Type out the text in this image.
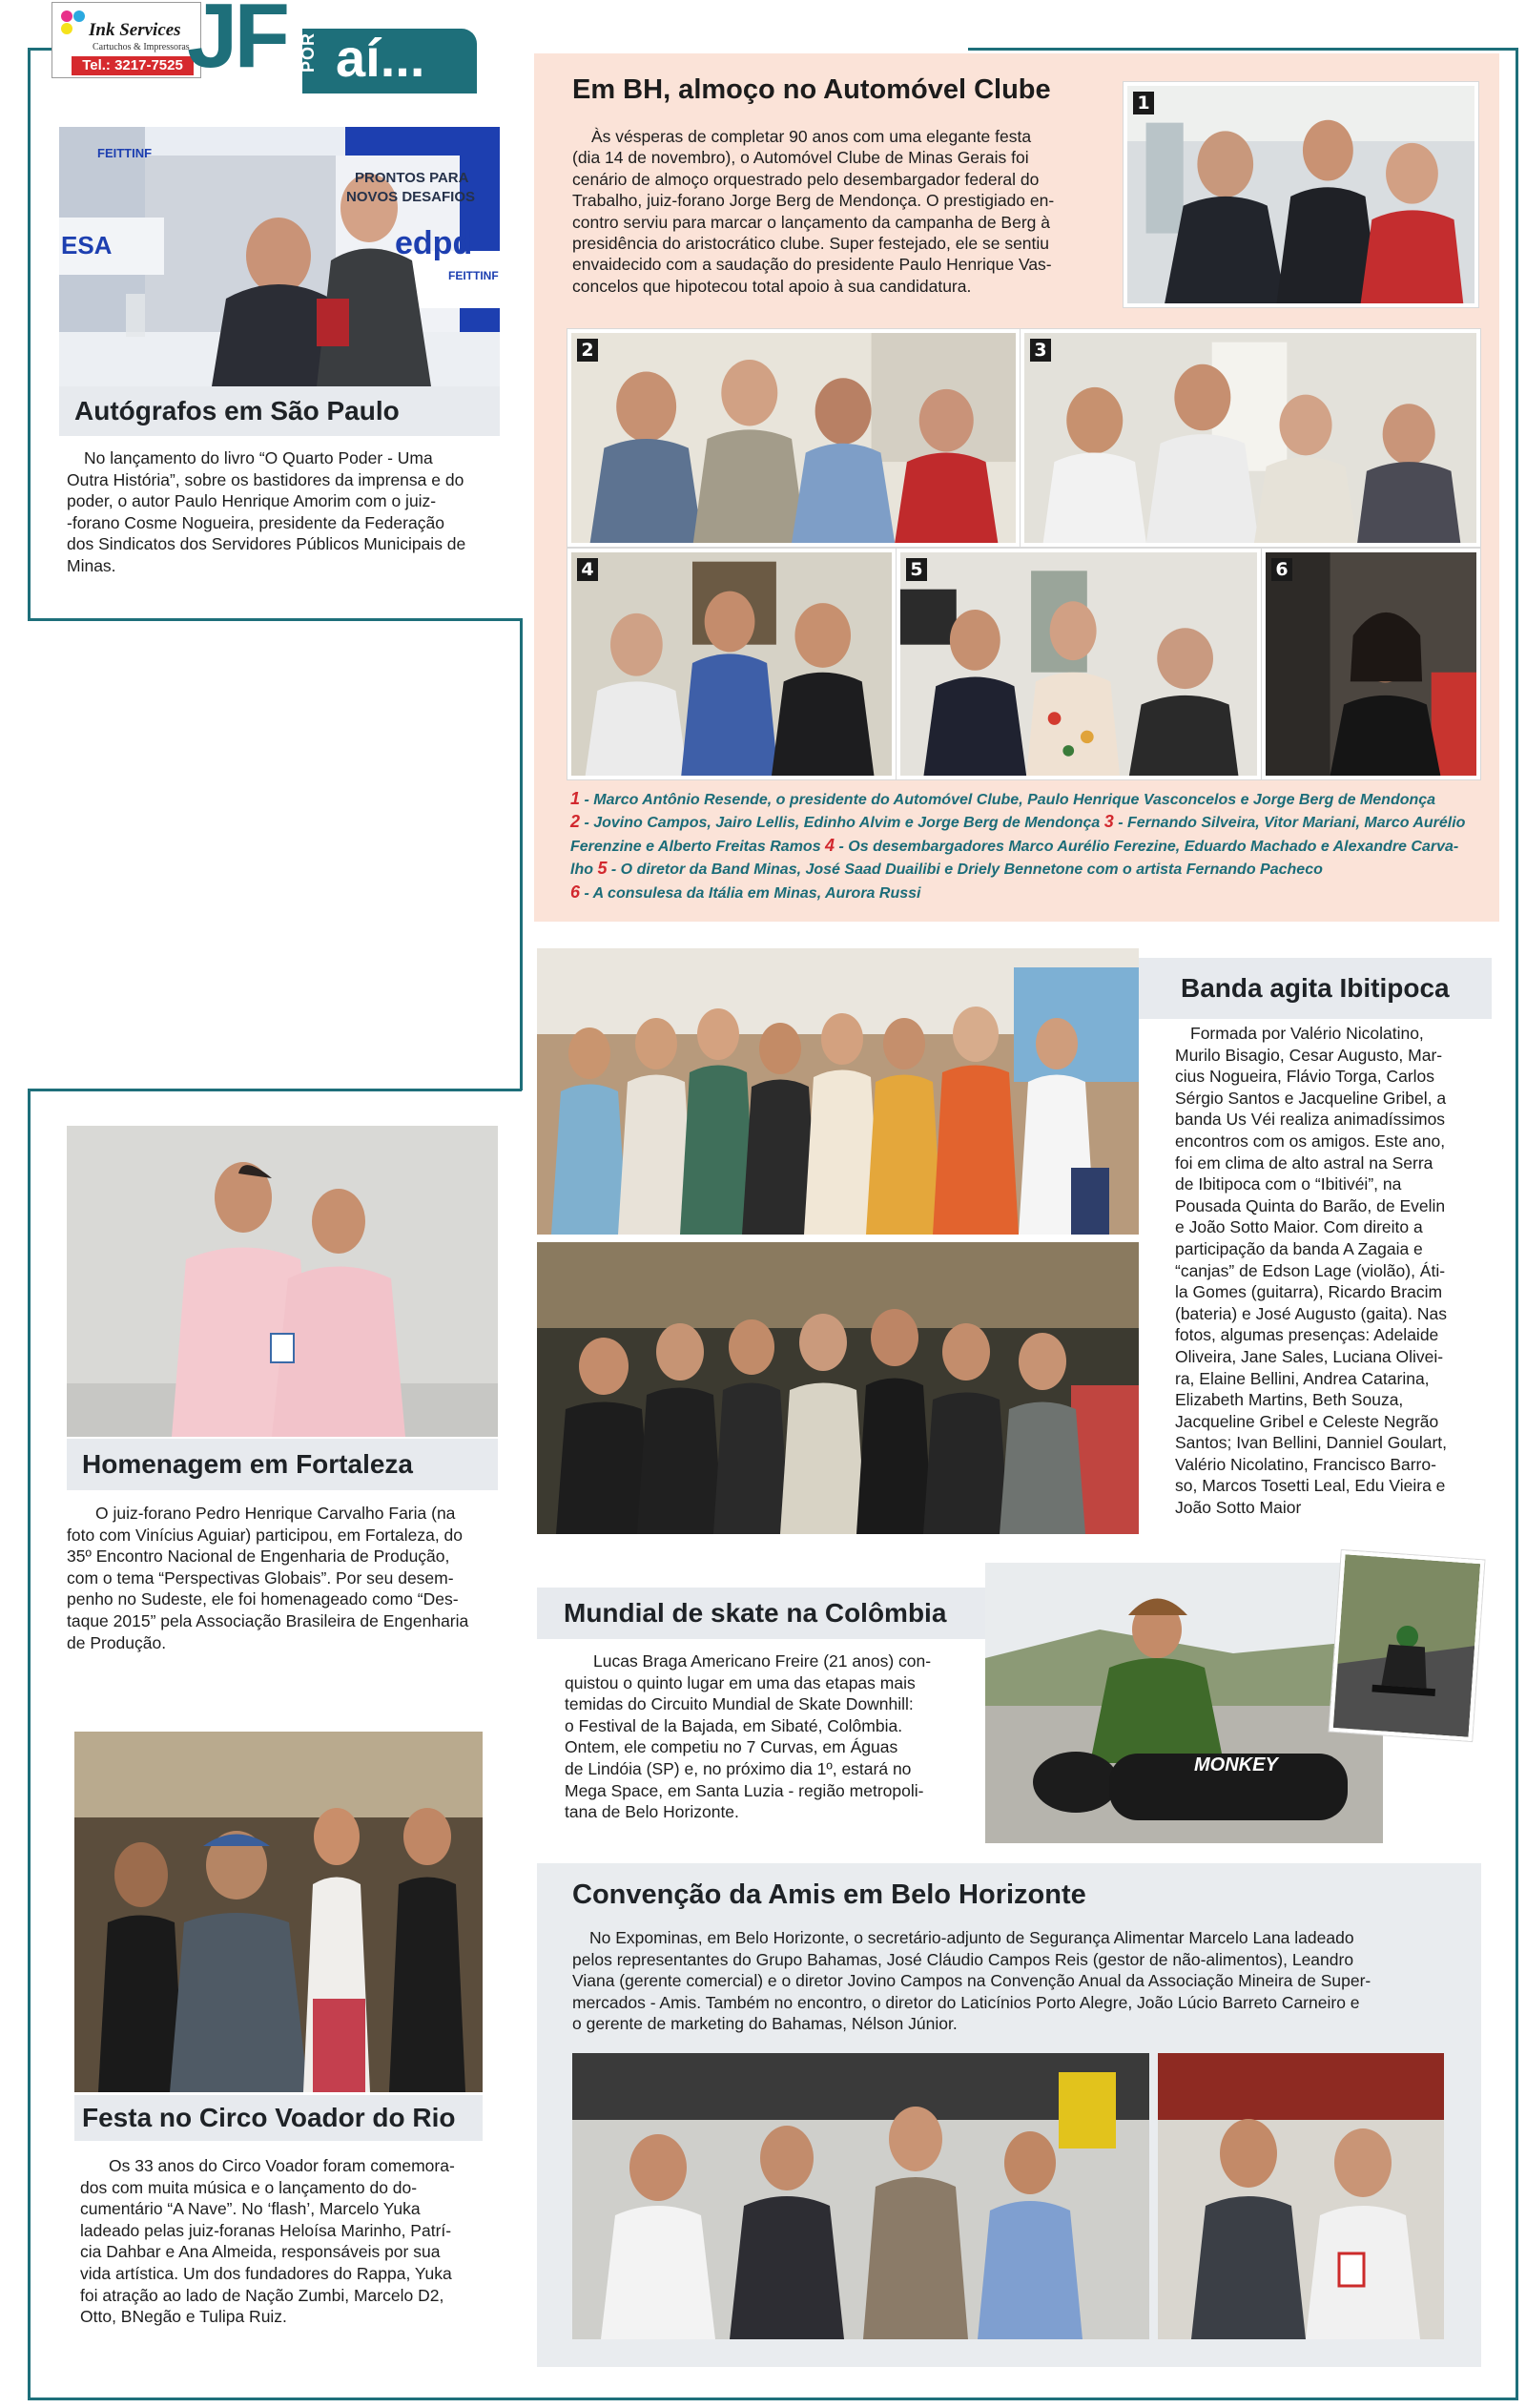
Ink Services
Cartuchos & Impressoras
Tel.: 3217-7525 JF POR aí...
PRONTOS PARA
NOVOS DESAFIOS
edpd
FEITTINF
FEITTINF
ESA
Autógrafos em São Paulo
No lançamento do livro “O Quarto Poder - Uma
Outra História”, sobre os bastidores da imprensa e do
poder, o autor Paulo Henrique Amorim com o juiz-
-forano Cosme Nogueira, presidente da Federação
dos Sindicatos dos Servidores Públicos Municipais de
Minas.
Em BH, almoço no Automóvel Clube
Às vésperas de completar 90 anos com uma elegante festa
(dia 14 de novembro), o Automóvel Clube de Minas Gerais foi
cenário de almoço orquestrado pelo desembargador federal do
Trabalho, juiz-forano Jorge Berg de Mendonça. O prestigiado en-
contro serviu para marcar o lançamento da campanha de Berg à
presidência do aristocrático clube. Super festejado, ele se sentiu
envaidecido com a saudação do presidente Paulo Henrique Vas-
concelos que hipotecou total apoio à sua candidatura.
1
2	3
4	5	6
1 - Marco Antônio Resende, o presidente do Automóvel Clube, Paulo Henrique Vasconcelos e Jorge Berg de Mendonça
2 - Jovino Campos, Jairo Lellis, Edinho Alvim e Jorge Berg de Mendonça 3 - Fernando Silveira, Vitor Mariani, Marco Aurélio Ferenzine e Alberto Freitas Ramos 4 - Os desembargadores Marco Aurélio Ferezine, Eduardo Machado e Alexandre Carva-lho 5 - O diretor da Band Minas, José Saad Duailibi e Driely Bennetone com o artista Fernando Pacheco
6 - A consulesa da Itália em Minas, Aurora Russi
Banda agita Ibitipoca
Formada por Valério Nicolatino,
Murilo Bisagio, Cesar Augusto, Mar-
cius Nogueira, Flávio Torga, Carlos
Sérgio Santos e Jacqueline Gribel, a
banda Us Véi realiza animadíssimos
encontros com os amigos. Este ano,
foi em clima de alto astral na Serra
de Ibitipoca com o “Ibitivéi”, na
Pousada Quinta do Barão, de Evelin
e João Sotto Maior. Com direito a
participação da banda A Zagaia e
“canjas” de Edson Lage (violão), Áti-
la Gomes (guitarra), Ricardo Bracim
(bateria) e José Augusto (gaita). Nas
fotos, algumas presenças: Adelaide
Oliveira, Jane Sales, Luciana Olivei-
ra, Elaine Bellini, Andrea Catarina,
Elizabeth Martins, Beth Souza,
Jacqueline Gribel e Celeste Negrão
Santos; Ivan Bellini, Danniel Goulart,
Valério Nicolatino, Francisco Barro-
so, Marcos Tosetti Leal, Edu Vieira e
João Sotto Maior
Homenagem em Fortaleza
O juiz-forano Pedro Henrique Carvalho Faria (na
foto com Vinícius Aguiar) participou, em Fortaleza, do
35º Encontro Nacional de Engenharia de Produção,
com o tema “Perspectivas Globais”. Por seu desem-
penho no Sudeste, ele foi homenageado como “Des-
taque 2015” pela Associação Brasileira de Engenharia
de Produção.
MONKEY
Mundial de skate na Colômbia
Lucas Braga Americano Freire (21 anos) con-
quistou o quinto lugar em uma das etapas mais
temidas do Circuito Mundial de Skate Downhill:
o Festival de la Bajada, em Sibaté, Colômbia.
Ontem, ele competiu no 7 Curvas, em Águas
de Lindóia (SP) e, no próximo dia 1º, estará no
Mega Space, em Santa Luzia - região metropoli-
tana de Belo Horizonte.
Festa no Circo Voador do Rio
Os 33 anos do Circo Voador foram comemora-
dos com muita música e o lançamento do do-
cumentário “A Nave”. No ‘flash’, Marcelo Yuka
ladeado pelas juiz-foranas Heloísa Marinho, Patrí-
cia Dahbar e Ana Almeida, responsáveis por sua
vida artística. Um dos fundadores do Rappa, Yuka
foi atração ao lado de Nação Zumbi, Marcelo D2,
Otto, BNegão e Tulipa Ruiz.
Convenção da Amis em Belo Horizonte
No Expominas, em Belo Horizonte, o secretário-adjunto de Segurança Alimentar Marcelo Lana ladeado
pelos representantes do Grupo Bahamas, José Cláudio Campos Reis (gestor de não-alimentos), Leandro
Viana (gerente comercial) e o diretor Jovino Campos na Convenção Anual da Associação Mineira de Super-
mercados - Amis. Também no encontro, o diretor do Laticínios Porto Alegre, João Lúcio Barreto Carneiro e
o gerente de marketing do Bahamas, Nélson Júnior.
